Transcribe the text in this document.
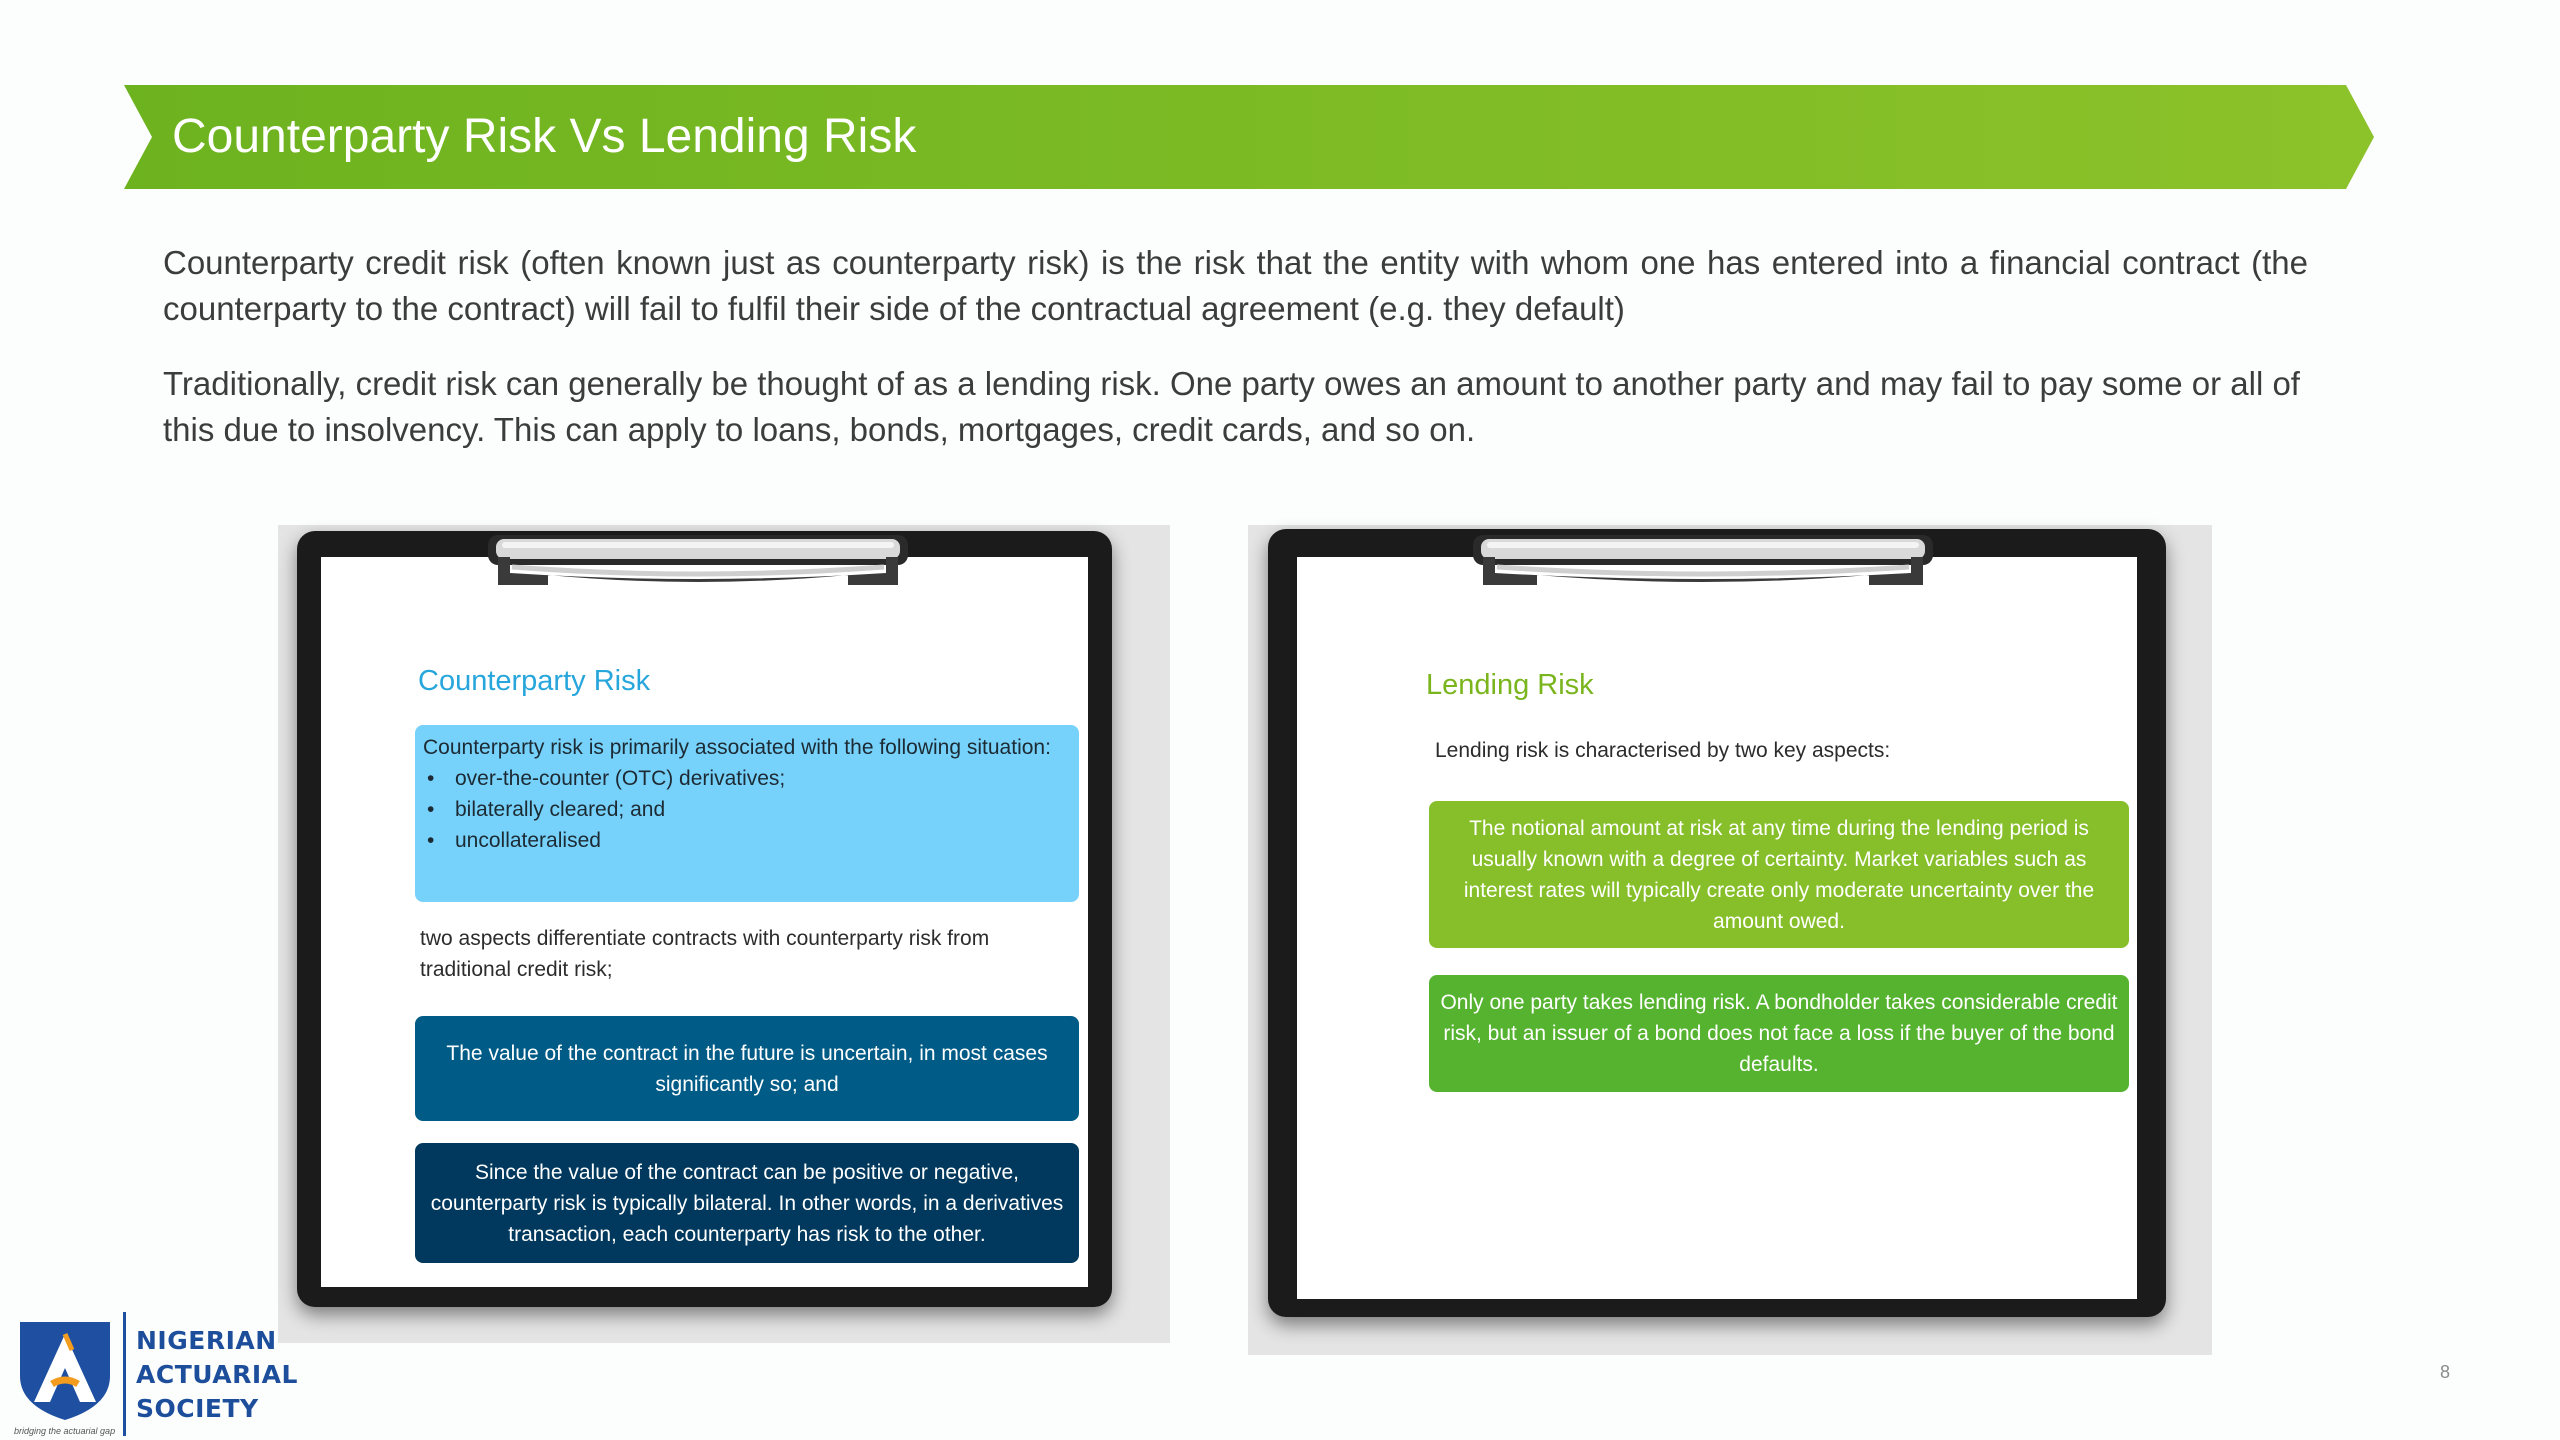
Counterparty Risk Vs Lending Risk
Counterparty credit risk (often known just as counterparty risk) is the risk that the entity with whom one has entered into a financial contract (the counterparty to the contract) will fail to fulfil their side of the contractual agreement (e.g. they default)
Traditionally, credit risk can generally be thought of as a lending risk. One party owes an amount to another party and may fail to pay some or all of this due to insolvency. This can apply to loans, bonds, mortgages, credit cards, and so on.
Counterparty Risk
Counterparty risk is primarily associated with the following situation:
• over-the-counter (OTC) derivatives;
• bilaterally cleared; and
• uncollateralised
two aspects differentiate contracts with counterparty risk from traditional credit risk;
The value of the contract in the future is uncertain, in most cases significantly so; and
Since the value of the contract can be positive or negative, counterparty risk is typically bilateral. In other words, in a derivatives transaction, each counterparty has risk to the other.
Lending Risk
Lending risk is characterised by two key aspects:
The notional amount at risk at any time during the lending period is usually known with a degree of certainty. Market variables such as interest rates will typically create only moderate uncertainty over the amount owed.
Only one party takes lending risk. A bondholder takes considerable credit risk, but an issuer of a bond does not face a loss if the buyer of the bond defaults.
NIGERIAN
ACTUARIAL
SOCIETY
bridging the actuarial gap
8
